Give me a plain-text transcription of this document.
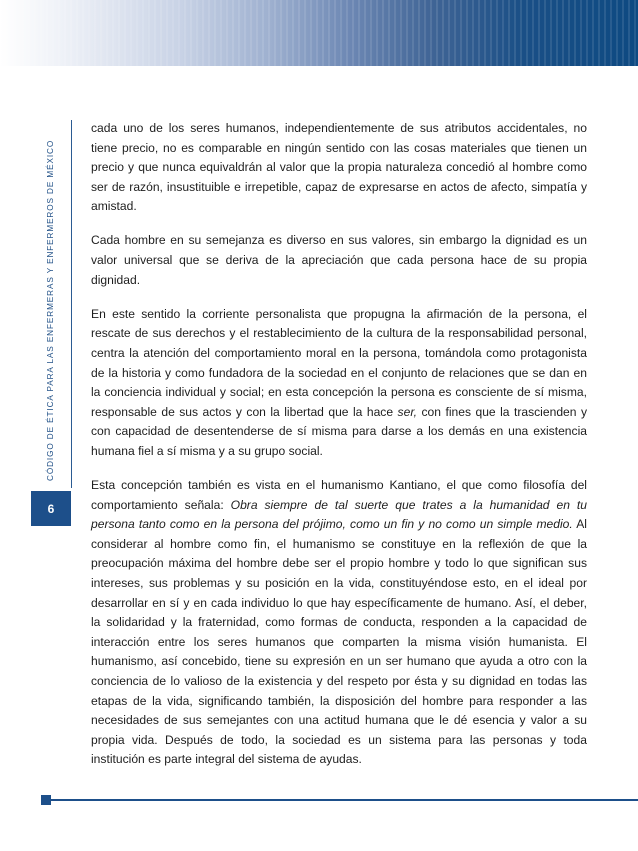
CÓDIGO DE ÉTICA PARA LAS ENFERMERAS Y ENFERMEROS DE MÉXICO
6

cada uno de los seres humanos, independientemente de sus atributos accidentales, no tiene precio, no es comparable en ningún sentido con las cosas materiales que tienen un precio y que nunca equivaldrán al valor que la propia naturaleza concedió al hombre como ser de razón, insustituible e irrepetible, capaz de expresarse en actos de afecto, simpatía y amistad.

Cada hombre en su semejanza es diverso en sus valores, sin embargo la dignidad es un valor universal que se deriva de la apreciación que cada persona hace de su propia dignidad.

En este sentido la corriente personalista que propugna la afirmación de la persona, el rescate de sus derechos y el restablecimiento de la cultura de la responsabilidad personal, centra la atención del comportamiento moral en la persona, tomándola como protagonista de la historia y como fundadora de la sociedad en el conjunto de relaciones que se dan en la conciencia individual y social; en esta concepción la persona es consciente de sí misma, responsable de sus actos y con la libertad que la hace ser, con fines que la trascienden y con capacidad de desentenderse de sí misma para darse a los demás en una existencia humana fiel a sí misma y a su grupo social.

Esta concepción también es vista en el humanismo Kantiano, el que como filosofía del comportamiento señala: Obra siempre de tal suerte que trates a la humanidad en tu persona tanto como en la persona del prójimo, como un fin y no como un simple medio. Al considerar al hombre como fin, el humanismo se constituye en la reflexión de que la preocupación máxima del hombre debe ser el propio hombre y todo lo que significan sus intereses, sus problemas y su posición en la vida, constituyéndose esto, en el ideal por desarrollar en sí y en cada individuo lo que hay específicamente de humano. Así, el deber, la solidaridad y la fraternidad, como formas de conducta, responden a la capacidad de interacción entre los seres humanos que comparten la misma visión humanista. El humanismo, así concebido, tiene su expresión en un ser humano que ayuda a otro con la conciencia de lo valioso de la existencia y del respeto por ésta y su dignidad en todas las etapas de la vida, significando también, la disposición del hombre para responder a las necesidades de sus semejantes con una actitud humana que le dé esencia y valor a su propia vida. Después de todo, la sociedad es un sistema para las personas y toda institución es parte integral del sistema de ayudas.
